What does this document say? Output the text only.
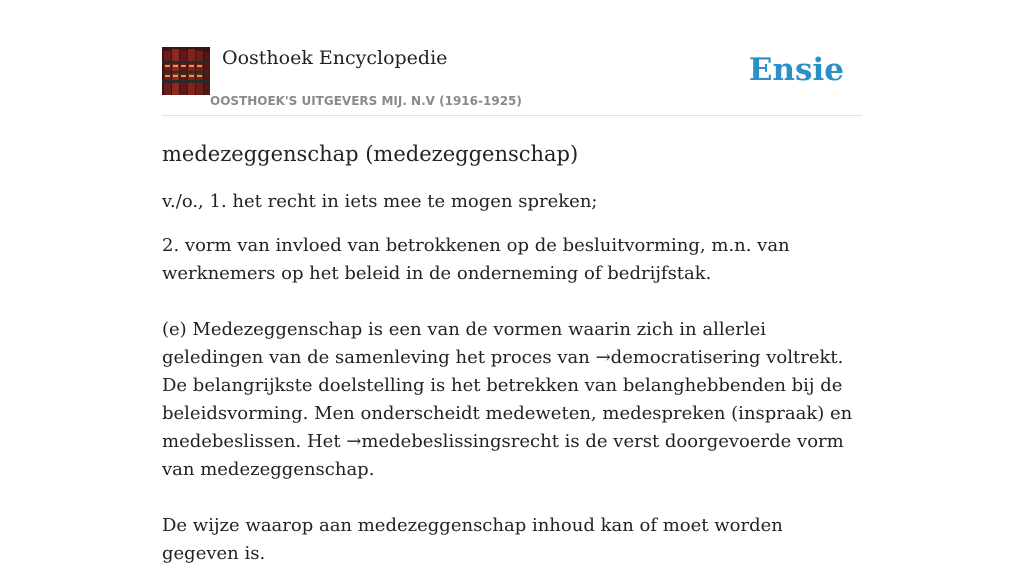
Oosthoek Encyclopedie
OOSTHOEK'S UITGEVERS MIJ. N.V (1916-1925)
Ensie
medezeggenschap (medezeggenschap)

v./o., 1. het recht in iets mee te mogen spreken;

2. vorm van invloed van betrokkenen op de besluitvorming, m.n. van werknemers op het beleid in de onderneming of bedrijfstak.

(e) Medezeggenschap is een van de vormen waarin zich in allerlei geledingen van de samenleving het proces van →democratisering voltrekt. De belangrijkste doelstelling is het betrekken van belanghebbenden bij de beleidsvorming. Men onderscheidt medeweten, medespreken (inspraak) en medebeslissen. Het →medebeslissingsrecht is de verst doorgevoerde vorm van medezeggenschap.

De wijze waarop aan medezeggenschap inhoud kan of moet worden gegeven is.
